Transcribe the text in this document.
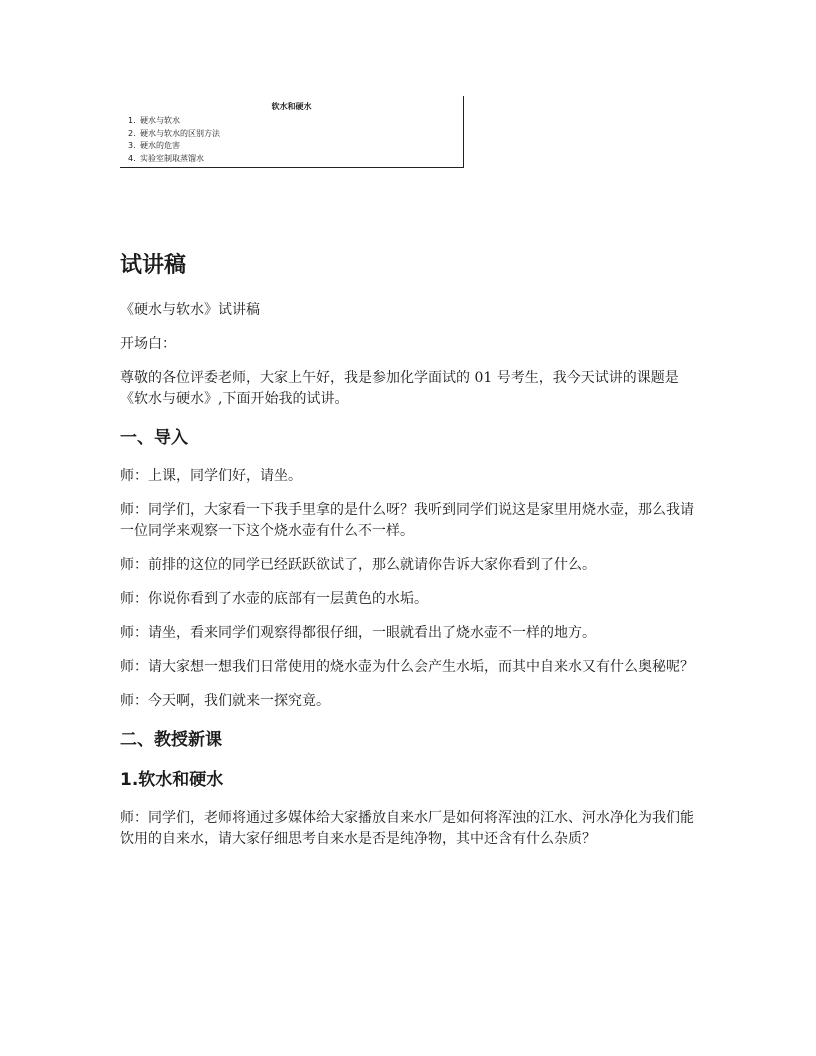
软水和硬水
1. 硬水与软水
2. 硬水与软水的区别方法
3. 硬水的危害
4. 实验室制取蒸馏水
试讲稿

《硬水与软水》试讲稿

开场白：

尊敬的各位评委老师，大家上午好，我是参加化学面试的 01 号考生，我今天试讲的课题是《软水与硬水》,下面开始我的试讲。

一、导入

师：上课，同学们好，请坐。

师：同学们，大家看一下我手里拿的是什么呀？我听到同学们说这是家里用烧水壶，那么我请一位同学来观察一下这个烧水壶有什么不一样。

师：前排的这位的同学已经跃跃欲试了，那么就请你告诉大家你看到了什么。

师：你说你看到了水壶的底部有一层黄色的水垢。

师：请坐，看来同学们观察得都很仔细，一眼就看出了烧水壶不一样的地方。

师：请大家想一想我们日常使用的烧水壶为什么会产生水垢，而其中自来水又有什么奥秘呢？

师：今天啊，我们就来一探究竟。

二、教授新课
1.软水和硬水

师：同学们，老师将通过多媒体给大家播放自来水厂是如何将浑浊的江水、河水净化为我们能饮用的自来水，请大家仔细思考自来水是否是纯净物，其中还含有什么杂质？
